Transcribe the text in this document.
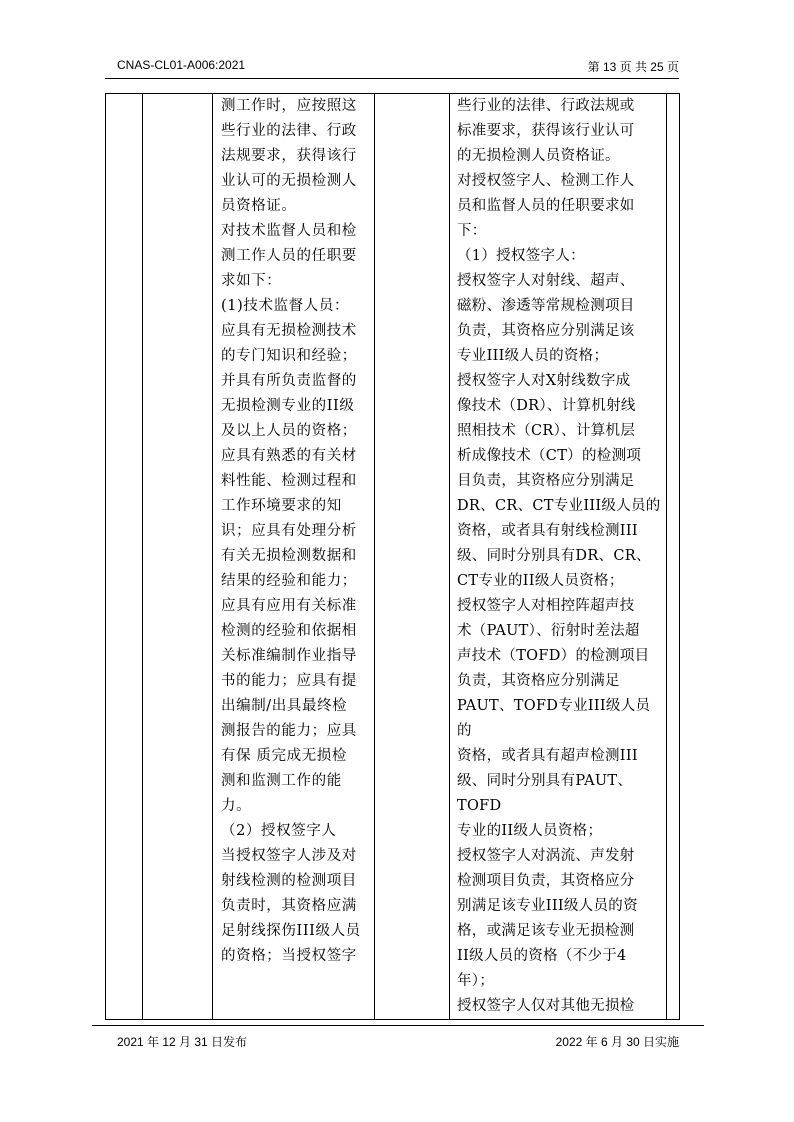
CNAS-CL01-A006:2021	第 13 页 共 25 页

测工作时，应按照这
些行业的法律、行政
法规要求，获得该行
业认可的无损检测人
员资格证。
对技术监督人员和检
测工作人员的任职要
求如下：
(1)技术监督人员：
应具有无损检测技术
的专门知识和经验；
并具有所负责监督的
无损检测专业的II级
及以上人员的资格；
应具有熟悉的有关材
料性能、检测过程和
工作环境要求的知
识；应具有处理分析
有关无损检测数据和
结果的经验和能力；
应具有应用有关标准
检测的经验和依据相
关标准编制作业指导
书的能力；应具有提
出编制/出具最终检
测报告的能力；应具
有保 质完成无损检
测和监测工作的能
力。
（2）授权签字人
当授权签字人涉及对
射线检测的检测项目
负责时，其资格应满
足射线探伤III级人员
的资格；当授权签字

些行业的法律、行政法规或
标准要求，获得该行业认可
的无损检测人员资格证。
对授权签字人、检测工作人
员和监督人员的任职要求如
下：
（1）授权签字人：
授权签字人对射线、超声、
磁粉、渗透等常规检测项目
负责，其资格应分别满足该
专业III级人员的资格；
授权签字人对X射线数字成
像技术（DR）、计算机射线
照相技术（CR）、计算机层
析成像技术（CT）的检测项
目负责，其资格应分别满足
DR、CR、CT专业III级人员的
资格，或者具有射线检测III
级、同时分别具有DR、CR、
CT专业的II级人员资格；
授权签字人对相控阵超声技
术（PAUT）、衍射时差法超
声技术（TOFD）的检测项目
负责，其资格应分别满足
PAUT、TOFD专业III级人员的
资格，或者具有超声检测III
级、同时分别具有PAUT、TOFD
专业的II级人员资格；
授权签字人对涡流、声发射
检测项目负责，其资格应分
别满足该专业III级人员的资
格，或满足该专业无损检测
II级人员的资格（不少于4
年）；
授权签字人仅对其他无损检

2021 年 12 月 31 日发布	2022 年 6 月 30 日实施
